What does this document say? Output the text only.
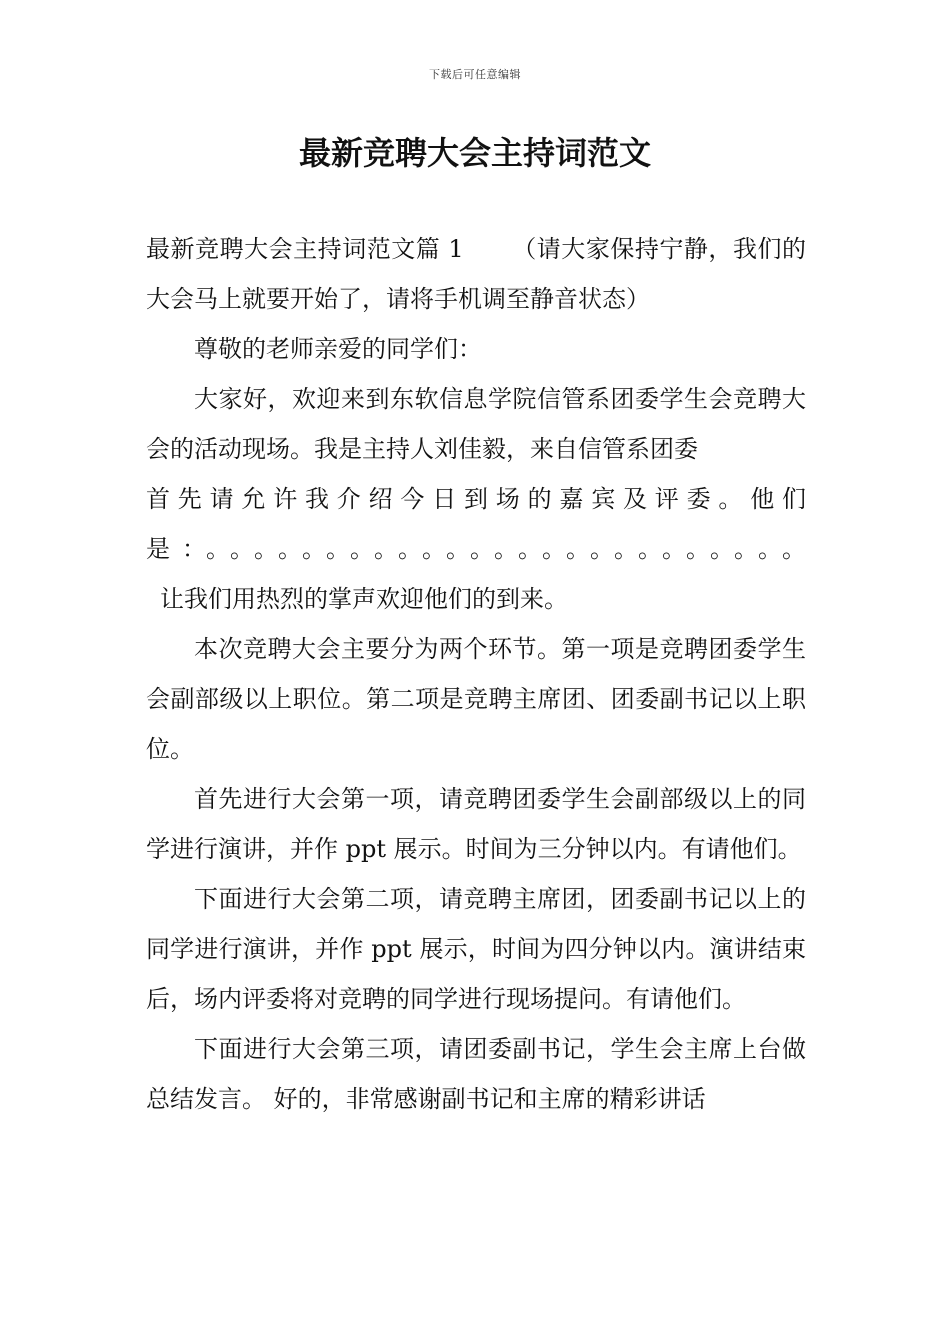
下载后可任意编辑
最新竞聘大会主持词范文

最新竞聘大会主持词范文篇 1 （请大家保持宁静，我们的大会马上就要开始了，请将手机调至静音状态）

尊敬的老师亲爱的同学们：

大家好，欢迎来到东软信息学院信管系团委学生会竞聘大会的活动现场。我是主持人刘佳毅，来自信管系团委

首先请允许我介绍今日到场的嘉宾及评委。他们

是：。。。。。。。。。。。。。。。。。。。。。。。。。

让我们用热烈的掌声欢迎他们的到来。

本次竞聘大会主要分为两个环节。第一项是竞聘团委学生会副部级以上职位。第二项是竞聘主席团、团委副书记以上职位。

首先进行大会第一项，请竞聘团委学生会副部级以上的同学进行演讲，并作 ppt 展示。时间为三分钟以内。有请他们。

下面进行大会第二项，请竞聘主席团，团委副书记以上的同学进行演讲，并作 ppt 展示，时间为四分钟以内。演讲结束后，场内评委将对竞聘的同学进行现场提问。有请他们。

下面进行大会第三项，请团委副书记，学生会主席上台做总结发言。 好的，非常感谢副书记和主席的精彩讲话
